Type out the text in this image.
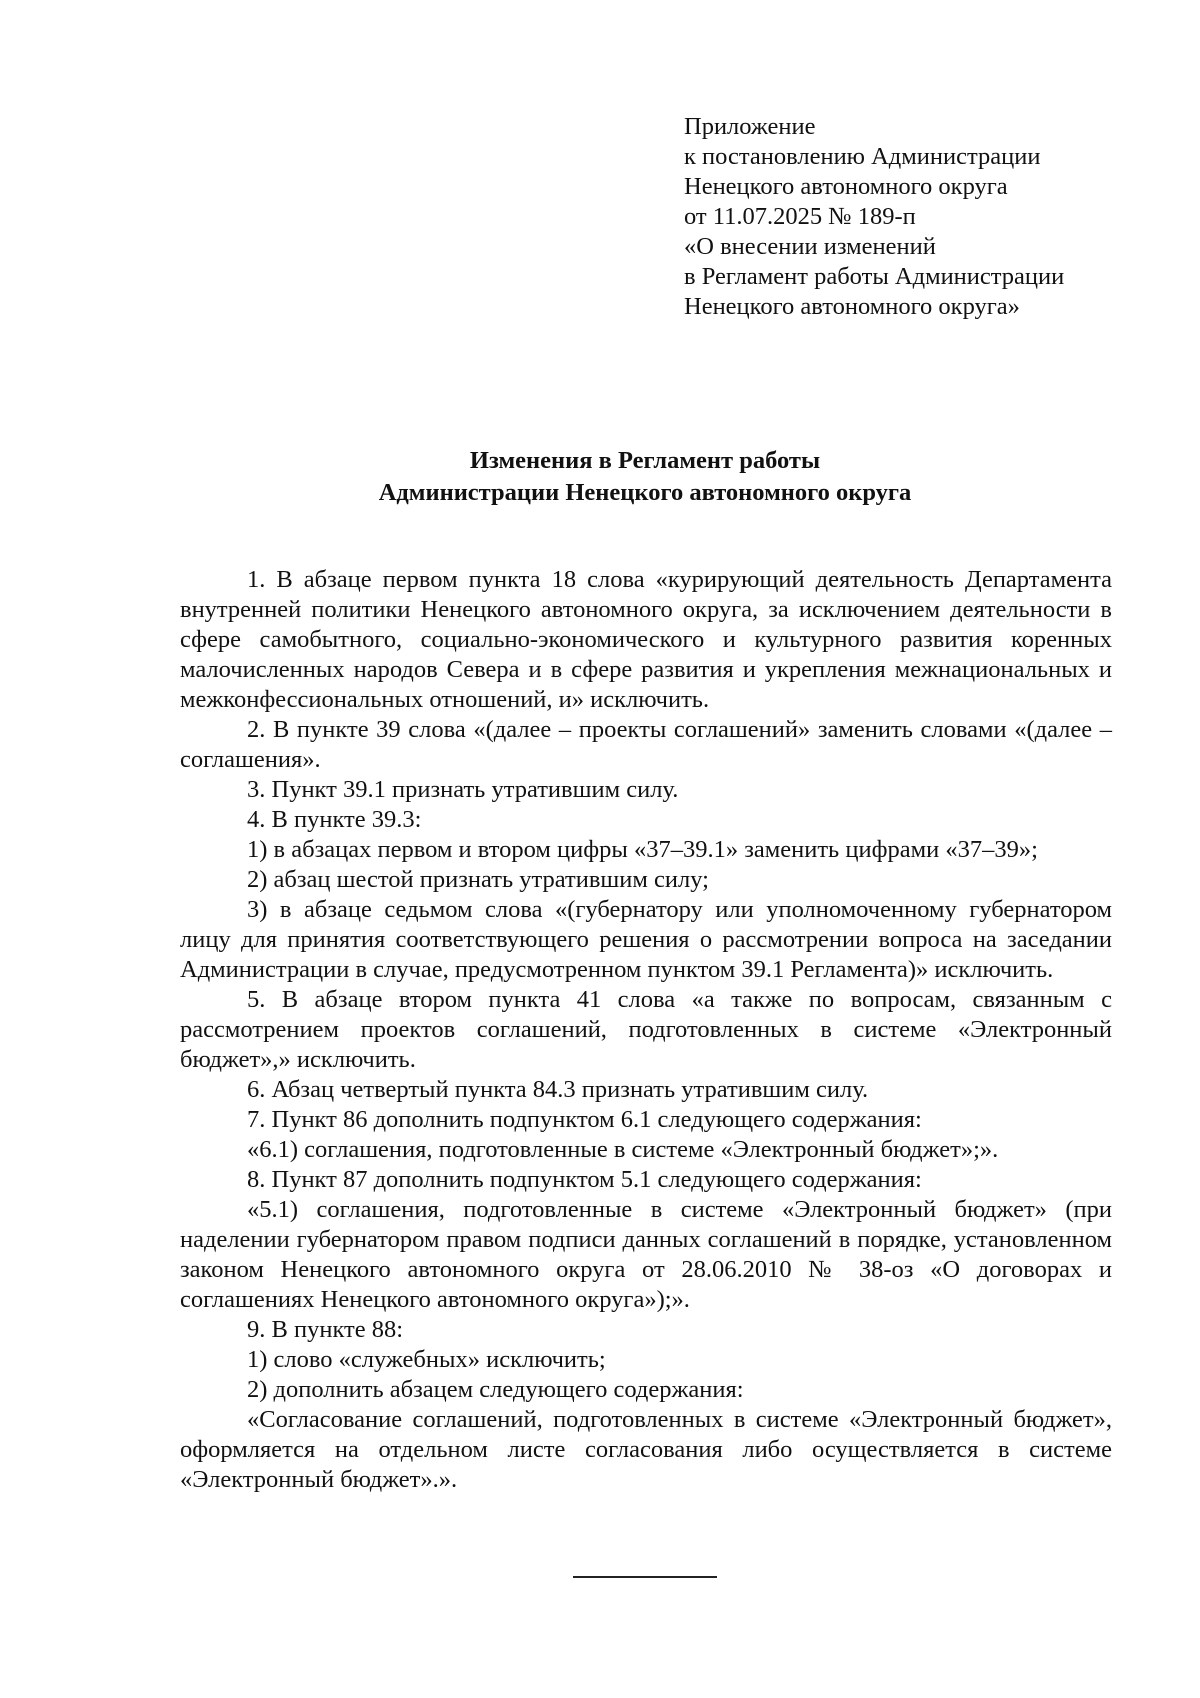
Приложение
к постановлению Администрации
Ненецкого автономного округа
от 11.07.2025 № 189-п
«О внесении изменений
в Регламент работы Администрации
Ненецкого автономного округа»
Изменения в Регламент работы
Администрации Ненецкого автономного округа

1. В абзаце первом пункта 18 слова «курирующий деятельность Департамента внутренней политики Ненецкого автономного округа, за исключением деятельности в сфере самобытного, социально-экономического и культурного развития коренных малочисленных народов Севера и в сфере развития и укрепления межнациональных и межконфессиональных отношений, и» исключить.

2. В пункте 39 слова «(далее – проекты соглашений» заменить словами «(далее – соглашения».

3. Пункт 39.1 признать утратившим силу.

4. В пункте 39.3:

1) в абзацах первом и втором цифры «37–39.1» заменить цифрами «37–39»;

2) абзац шестой признать утратившим силу;

3) в абзаце седьмом слова «(губернатору или уполномоченному губернатором лицу для принятия соответствующего решения о рассмотрении вопроса на заседании Администрации в случае, предусмотренном пунктом 39.1 Регламента)» исключить.

5. В абзаце втором пункта 41 слова «а также по вопросам, связанным с рассмотрением проектов соглашений, подготовленных в системе «Электронный бюджет»,» исключить.

6. Абзац четвертый пункта 84.3 признать утратившим силу.

7. Пункт 86 дополнить подпунктом 6.1 следующего содержания:

«6.1) соглашения, подготовленные в системе «Электронный бюджет»;».

8. Пункт 87 дополнить подпунктом 5.1 следующего содержания:

«5.1) соглашения, подготовленные в системе «Электронный бюджет» (при наделении губернатором правом подписи данных соглашений в порядке, установленном законом Ненецкого автономного округа от 28.06.2010 № 38-оз «О договорах и соглашениях Ненецкого автономного округа»);».

9. В пункте 88:

1) слово «служебных» исключить;

2) дополнить абзацем следующего содержания:

«Согласование соглашений, подготовленных в системе «Электронный бюджет», оформляется на отдельном листе согласования либо осуществляется в системе «Электронный бюджет».».
